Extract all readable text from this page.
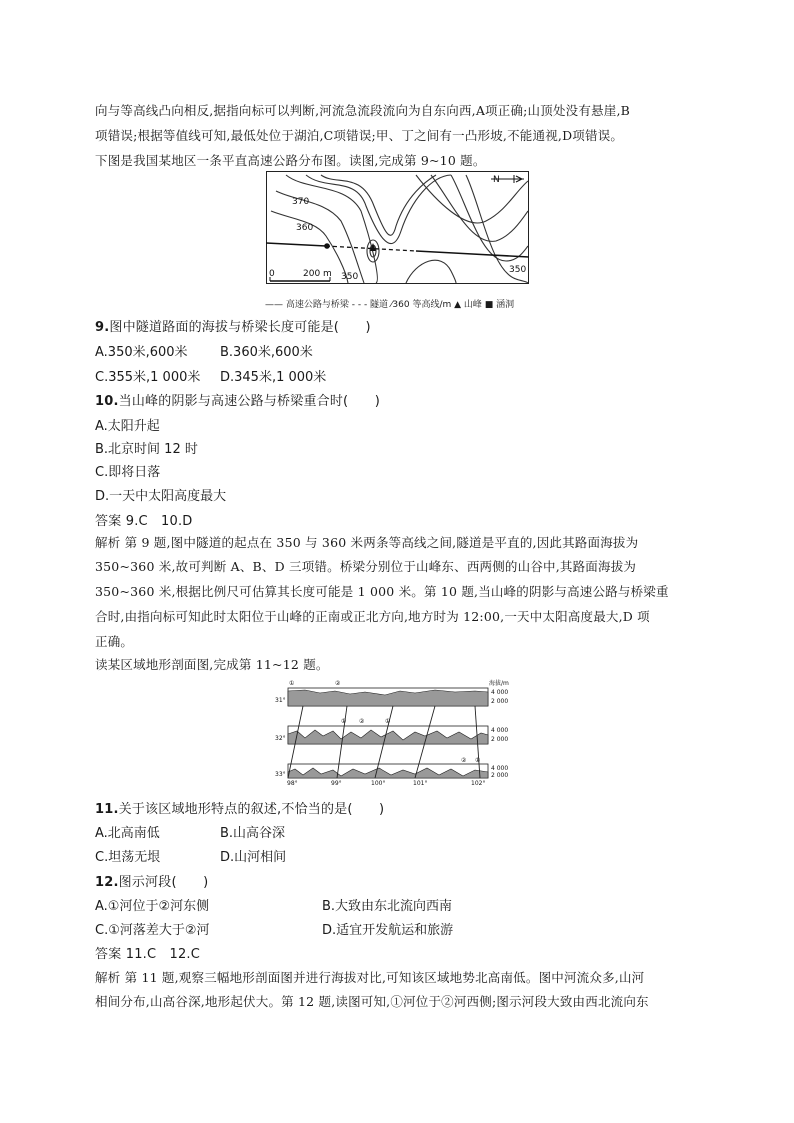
向与等高线凸向相反,据指向标可以判断,河流急流段流向为自东向西,A项正确;山顶处没有悬崖,B
项错误;根据等值线可知,最低处位于湖泊,C项错误;甲、丁之间有一凸形坡,不能通视,D项错误。
下图是我国某地区一条平直高速公路分布图。读图,完成第 9~10 题。
370
360
350
350
N
0	200 m
—— 高速公路与桥梁 - - - 隧道 ⁄360 等高线/m ▲ 山峰 ■ 涵洞
9.图中隧道路面的海拔与桥梁长度可能是(　　)
A.350米,600米 B.360米,600米
C.355米,1 000米 D.345米,1 000米
10.当山峰的阴影与高速公路与桥梁重合时(　　)
A.太阳升起
B.北京时间 12 时
C.即将日落
D.一天中太阳高度最大
答案 9.C　10.D
解析 第 9 题,图中隧道的起点在 350 与 360 米两条等高线之间,隧道是平直的,因此其路面海拔为
350~360 米,故可判断 A、B、D 三项错。桥梁分别位于山峰东、西两侧的山谷中,其路面海拔为
350~360 米,根据比例尺可估算其长度可能是 1 000 米。第 10 题,当山峰的阴影与高速公路与桥梁重
合时,由指向标可知此时太阳位于山峰的正南或正北方向,地方时为 12:00,一天中太阳高度最大,D 项
正确。
读某区域地形剖面图,完成第 11~12 题。
①	②
① ②	①
② ①
海拔/m
4 000
2 000
4 000
2 000
4 000
2 000
31°
32°
33°
98°	99°	100°	101°	102°
11.关于该区域地形特点的叙述,不恰当的是(　　)
A.北高南低	B.山高谷深
C.坦荡无垠	D.山河相间
12.图示河段(　　)
A.①河位于②河东侧	B.大致由东北流向西南
C.①河落差大于②河	D.适宜开发航运和旅游
答案 11.C　12.C
解析 第 11 题,观察三幅地形剖面图并进行海拔对比,可知该区域地势北高南低。图中河流众多,山河
相间分布,山高谷深,地形起伏大。第 12 题,读图可知,①河位于②河西侧;图示河段大致由西北流向东
